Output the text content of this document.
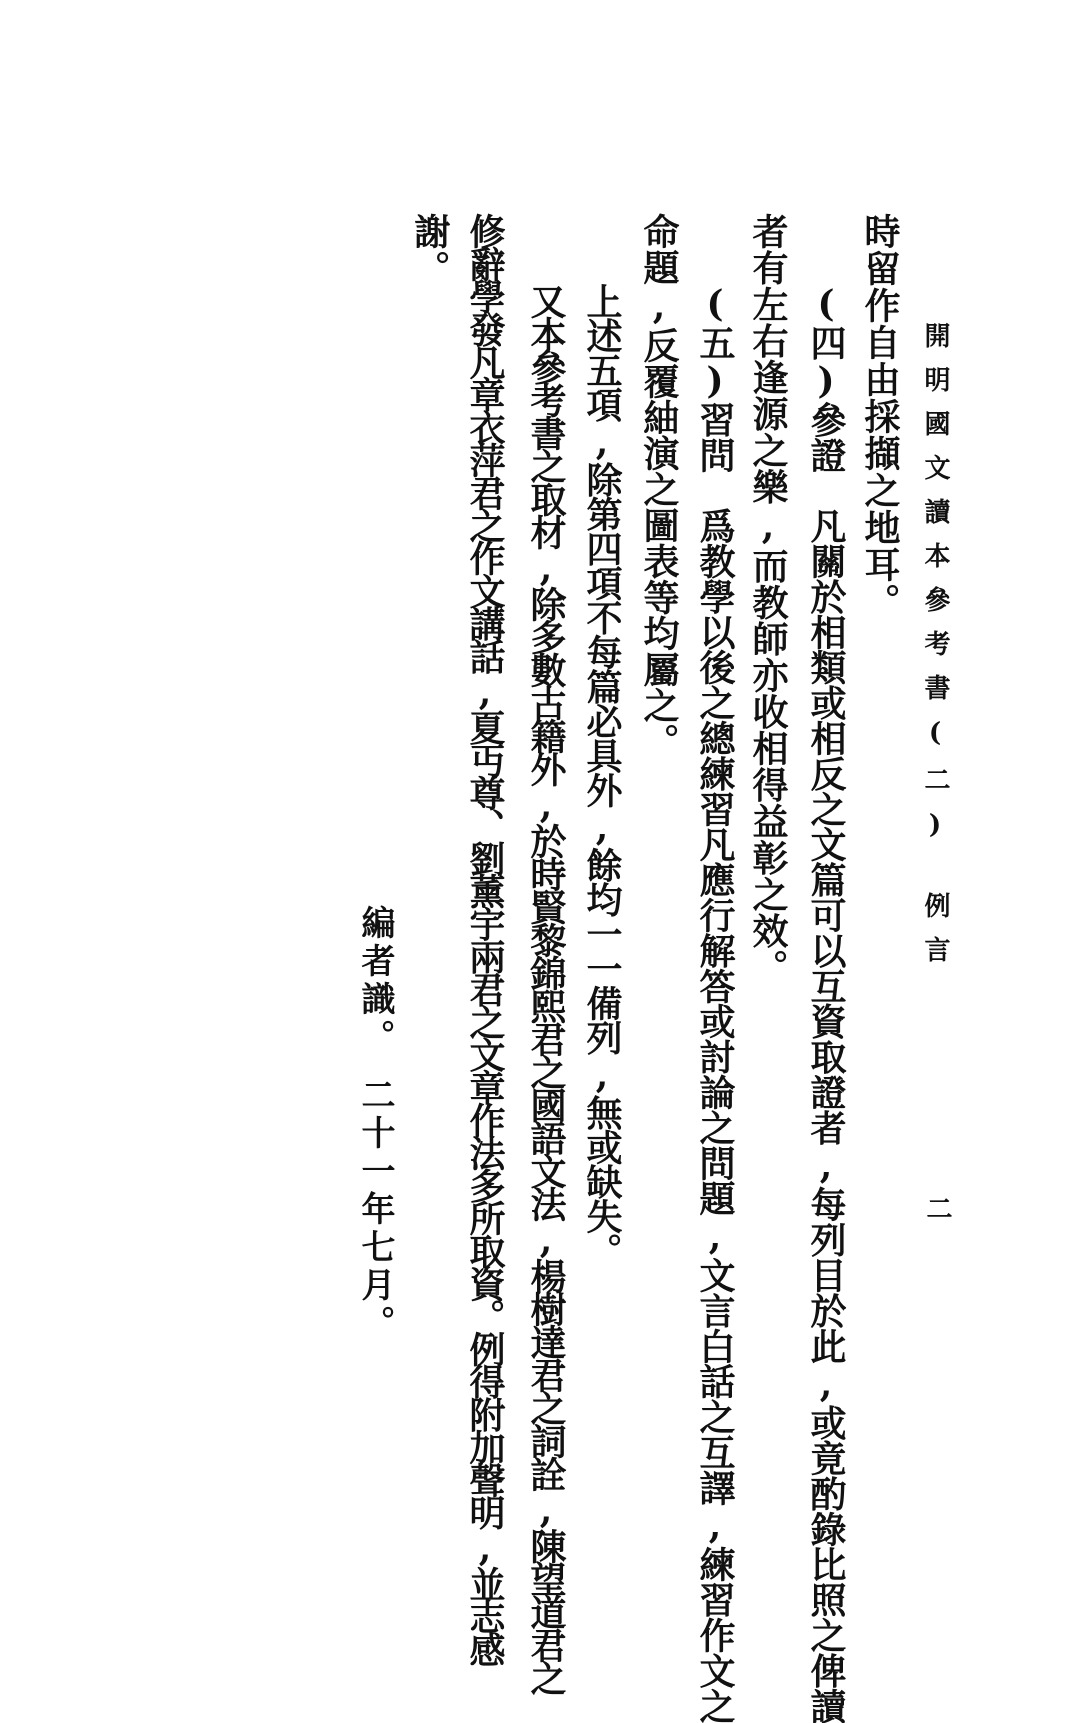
開明國文讀本參考書(二)例言
二
時留作自由採擷之地耳。
(四)參證　凡關於相類或相反之文篇可以互資取證者,每列目於此,或竟酌錄比照之俾讀
者有左右逢源之樂,而教師亦收相得益彰之效。
(五)習問　爲教學以後之總練習凡應行解答或討論之問題,文言白話之互譯,練習作文之
命題,反覆紬演之圖表等均屬之。
上述五項,除第四項不每篇必具外,餘均一一備列,無或缺失。
又本參考書之取材,除多數古籍外,於時賢黎錦熙君之國語文法,楊樹達君之詞詮,陳望道君之
修辭學發凡章衣萍君之作文講話,夏丏尊、劉薰宇兩君之文章作法多所取資。例得附加聲明,並志感
謝。
編者識。二十一年七月。
